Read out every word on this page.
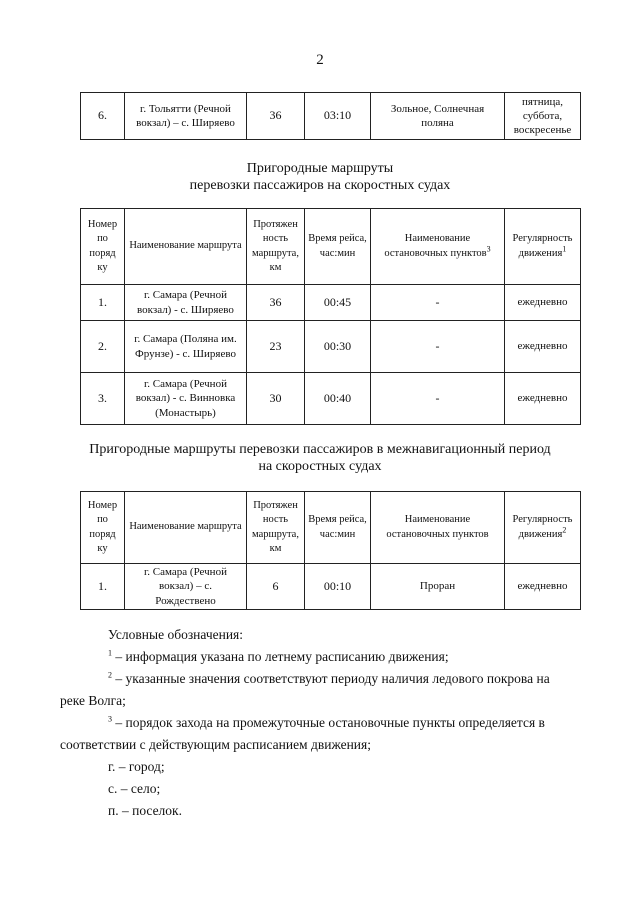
2
6.	г. Тольятти (Речной вокзал) – с. Ширяево	36	03:10	Зольное, Солнечная поляна	пятница, суббота, воскресенье
Пригородные маршруты
перевозки пассажиров на скоростных судах
Номер по поряд ку	Наименование маршрута	Протяжен ность маршрута, км	Время рейса, час:мин	Наименование остановочных пунктов$^3$	Регулярность движения$^1$
1.	г. Самара (Речной вокзал) - с. Ширяево	36	00:45	-	ежедневно
2.	г. Самара (Поляна им. Фрунзе) - с. Ширяево	23	00:30	-	ежедневно
3.	г. Самара (Речной вокзал) - с. Винновка (Монастырь)	30	00:40	-	ежедневно
Пригородные маршруты перевозки пассажиров в межнавигационный период
на скоростных судах
Номер по поряд ку	Наименование маршрута	Протяжен ность маршрута, км	Время рейса, час:мин	Наименование остановочных пунктов	Регулярность движения$^2$
1.	г. Самара (Речной вокзал) – с. Рождествено	6	00:10	Проран	ежедневно

Условные обозначения:

$^1$ – информация указана по летнему расписанию движения;

$^2$ – указанные значения соответствуют периоду наличия ледового покрова на

реке Волга;

$^3$ – порядок захода на промежуточные остановочные пункты определяется в

соответствии с действующим расписанием движения;

г. – город;

с. – село;

п. – поселок.
